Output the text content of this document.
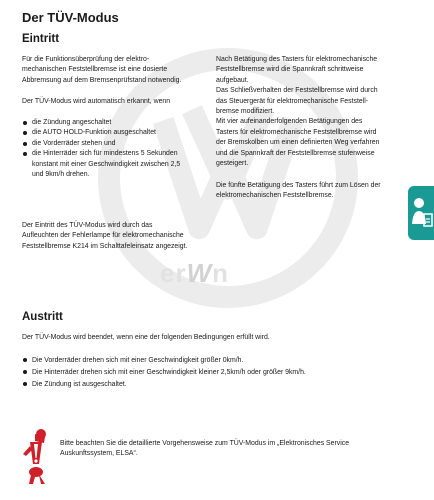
erWn
Der TÜV-Modus
Eintritt
Für die Funktionsüberprüfung der elektro-
mechanischen Feststellbremse ist eine dosierte
Abbremsung auf dem Bremsenprüfstand notwendig.
Der TÜV-Modus wird automatisch erkannt, wenn
die Zündung angeschaltet
die AUTO HOLD-Funktion ausgeschaltet
die Vorderräder stehen und
die Hinterräder sich für mindestens 5 Sekunden
konstant mit einer Geschwindigkeit zwischen 2,5
und 9km/h drehen.
Der Eintritt des TÜV-Modus wird durch das
Aufleuchten der Fehlerlampe für elektromechanische
Feststellbremse K214 im Schalttafeleinsatz angezeigt.
Nach Betätigung des Tasters für elektromechanische
Feststellbremse wird die Spannkraft schrittweise
aufgebaut.
Das Schließverhalten der Feststellbremse wird durch
das Steuergerät für elektromechanische Feststell-
bremse modifiziert.
Mit vier aufeinanderfolgenden Betätigungen des
Tasters für elektromechanische Feststellbremse wird
der Bremskolben um einen definierten Weg verfahren
und die Spannkraft der Feststellbremse stufenweise
gesteigert.
Die fünfte Betätigung des Tasters führt zum Lösen der
elektromechanischen Feststellbremse.
Austritt
Der TÜV-Modus wird beendet, wenn eine der folgenden Bedingungen erfüllt wird.
Die Vorderräder drehen sich mit einer Geschwindigkeit größer 0km/h.
Die Hinterräder drehen sich mit einer Geschwindigkeit kleiner 2,5km/h oder größer 9km/h.
Die Zündung ist ausgeschaltet.
Bitte beachten Sie die detaillierte Vorgehensweise zum TÜV-Modus im „Elektronisches Service
Auskunftssystem, ELSA“.
